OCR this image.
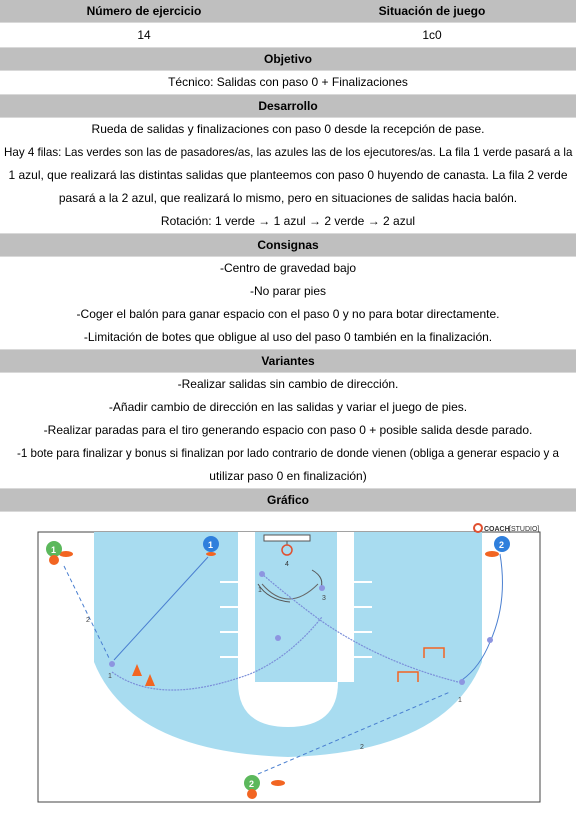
Número de ejercicio	Situación de juego
14	1c0
Objetivo

Técnico: Salidas con paso 0 + Finalizaciones

Desarrollo

Rueda de salidas y finalizaciones con paso 0 desde la recepción de pase.

Hay 4 filas: Las verdes son las de pasadores/as, las azules las de los ejecutores/as. La fila 1 verde pasará a la

1 azul, que realizará las distintas salidas que planteemos con paso 0 huyendo de canasta. La fila 2 verde

pasará a la 2 azul, que realizará lo mismo, pero en situaciones de salidas hacia balón.

Rotación: 1 verde → 1 azul → 2 verde → 2 azul

Consignas

-Centro de gravedad bajo

-No parar pies

-Coger el balón para ganar espacio con el paso 0 y no para botar directamente.

-Limitación de botes que obligue al uso del paso 0 también en la finalización.

Variantes

-Realizar salidas sin cambio de dirección.

-Añadir cambio de dirección en las salidas y variar el juego de pies.

-Realizar paradas para el tiro generando espacio con paso 0 + posible salida desde parado.

-1 bote para finalizar y bonus si finalizan por lado contrario de donde vienen (obliga a generar espacio y a

utilizar paso 0 en finalización)

Gráfico
4
1
1
2
2
3
1
1	1	2
2
COACH [STUDIO]
